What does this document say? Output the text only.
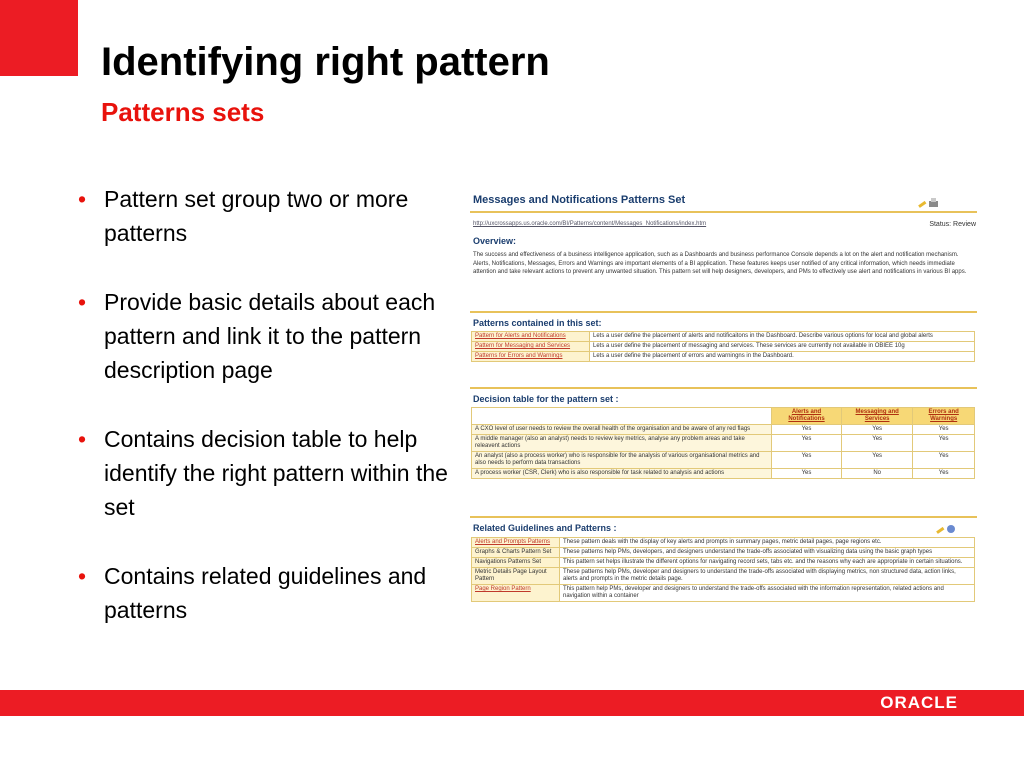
Identifying right pattern
Patterns sets
• Pattern set group two or more patterns
• Provide basic details about each pattern and link it to the pattern description page
• Contains decision table to help identify the right pattern within the set
• Contains related guidelines and patterns
Messages and Notifications Patterns Set
http://uxcrossapps.us.oracle.com/BI/Patterns/content/Messages_Notifications/index.htm	Status: Review
Overview:
The success and effectiveness of a business intelligence application, such as a Dashboards and business performance Console depends a lot on the alert and notification mechanism. Alerts, Notifications, Messages, Errors and Warnings are important elements of a BI application. These features keeps user notified of any critical information, which needs immediate attention and take relevant actions to prevent any unwanted situation. This pattern set will help designers, developers, and PMs to effectively use alert and notifications in various BI apps.
Patterns contained in this set:
Pattern for Alerts and Notifications	Lets a user define the placement of alerts and notificaitons in the Dashboard. Describe various options for local and global alerts
Pattern for Messaging and Services	Lets a user define the placement of messaging and services. These services are currently not available in OBIEE 10g
Patterns for Errors and Warnings	Lets a user define the placement of errors and warningns in the Dashboard.
Decision table for the pattern set :
	Alerts and Notifications	Messaging and Services	Errors and Warnings
A CXO level of user needs to review the overall health of the organisation and be aware of any red flags	Yes	Yes	Yes
A middle manager (also an analyst) needs to review key metrics, analyse any problem areas and take releavent actions	Yes	Yes	Yes
An analyst (also a process worker) who is responsible for the analysis of various organisational metrics and also needs to perform data transactions	Yes	Yes	Yes
A process worker (CSR, Clerk) who is also responsible for task related to analysis and actions	Yes	No	Yes
Related Guidelines and Patterns :
Alerts and Prompts Patterns	These pattern deals with the display of key alerts and prompts in summary pages, metric detail pages, page regions etc.
Graphs & Charts Pattern Set	These patterns help PMs, developers, and designers understand the trade-offs associated with visualizing data using the basic graph types
Navigations Patterns Set	This pattern set helps illustrate the different options for navigating record sets, tabs etc. and the reasons why each are appropriate in certain situations.
Metric Details Page Layout Pattern	These patterns help PMs, developer and designers to understand the trade-offs associated with displaying metrics, non structured data, action links, alerts and prompts in the metric details page.
Page Region Pattern	This pattern help PMs, developer and designers to understand the trade-offs associated with the information representation, related actions and navigation within a container
ORACLE
